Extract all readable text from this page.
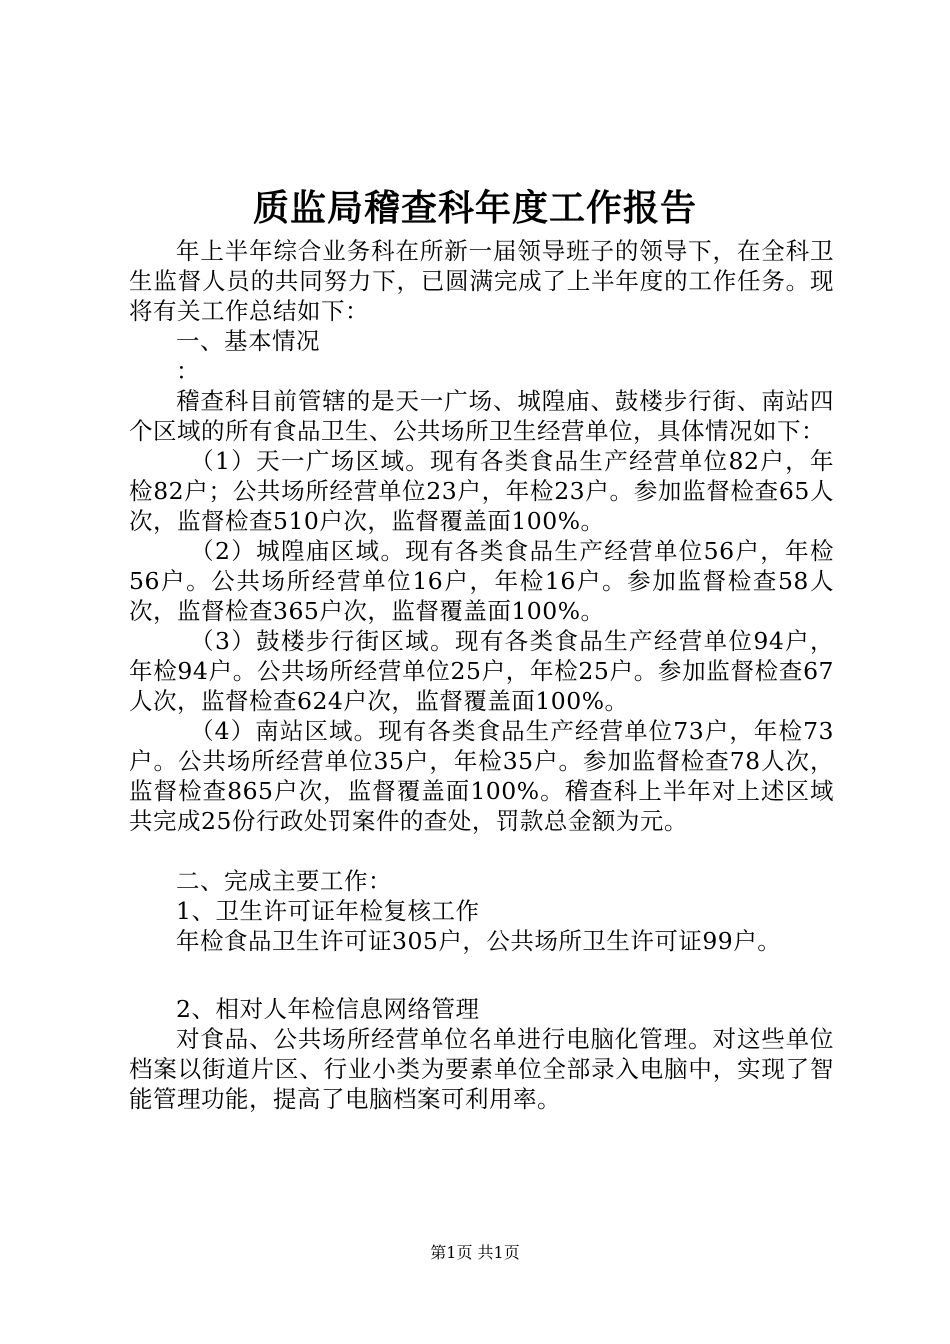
质监局稽查科年度工作报告

年上半年综合业务科在所新一届领导班子的领导下，在全科卫生监督人员的共同努力下，已圆满完成了上半年度的工作任务。现将有关工作总结如下：

一、基本情况

：

稽查科目前管辖的是天一广场、城隍庙、鼓楼步行街、南站四个区域的所有食品卫生、公共场所卫生经营单位，具体情况如下：

（1）天一广场区域。现有各类食品生产经营单位82户，年检82户；公共场所经营单位23户，年检23户。参加监督检查65人次，监督检查510户次，监督覆盖面100%。

（2）城隍庙区域。现有各类食品生产经营单位56户，年检56户。公共场所经营单位16户，年检16户。参加监督检查58人次，监督检查365户次，监督覆盖面100%。

（3）鼓楼步行街区域。现有各类食品生产经营单位94户，年检94户。公共场所经营单位25户，年检25户。参加监督检查67人次，监督检查624户次，监督覆盖面100%。

（4）南站区域。现有各类食品生产经营单位73户，年检73户。公共场所经营单位35户，年检35户。参加监督检查78人次，监督检查865户次，监督覆盖面100%。稽查科上半年对上述区域共完成25份行政处罚案件的查处，罚款总金额为元。

二、完成主要工作：

1、卫生许可证年检复核工作

年检食品卫生许可证305户，公共场所卫生许可证99户。

2、相对人年检信息网络管理

对食品、公共场所经营单位名单进行电脑化管理。对这些单位档案以街道片区、行业小类为要素单位全部录入电脑中，实现了智能管理功能，提高了电脑档案可利用率。

第1页 共1页
